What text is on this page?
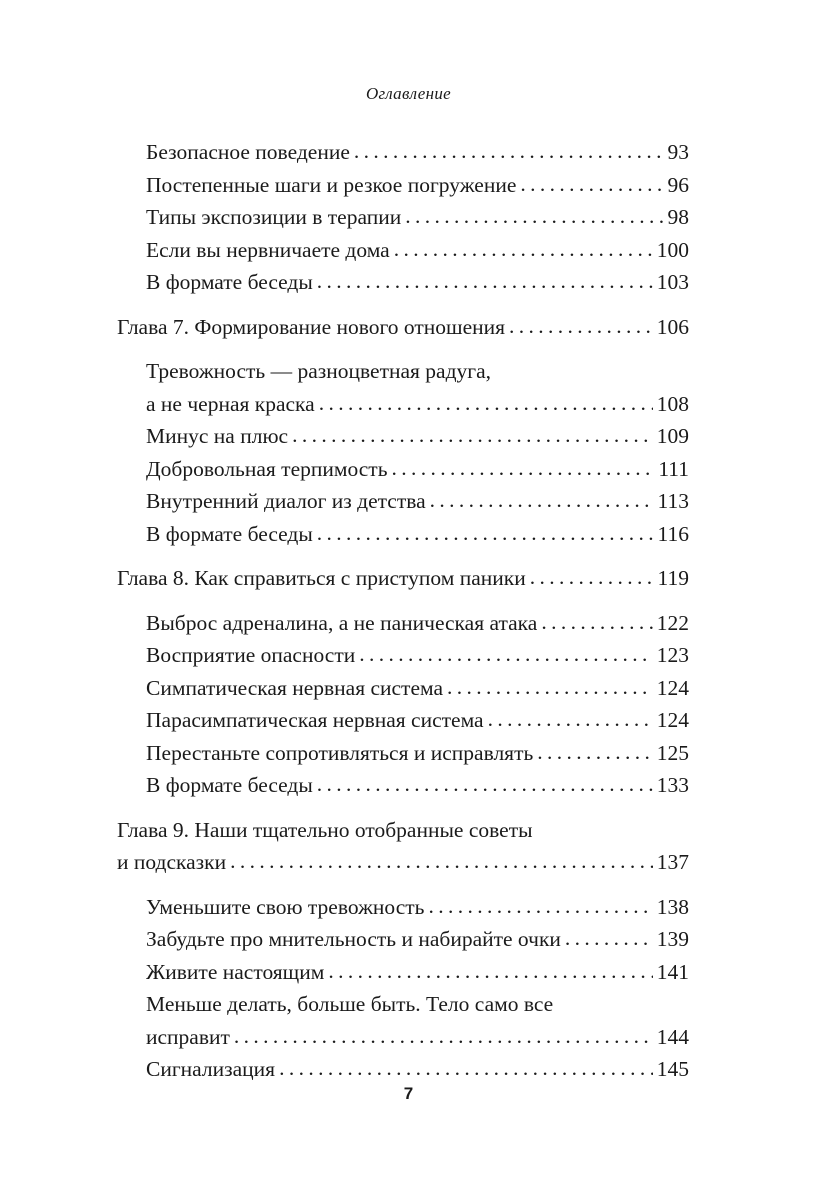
Оглавление
Безопасное поведение . . .	93
Постепенные шаги и резкое погружение . . .	96
Типы экспозиции в терапии . . .	98
Если вы нервничаете дома . . .	100
В формате беседы . . .	103
Глава 7. Формирование нового отношения . . .	106
Тревожность — разноцветная радуга,
а не черная краска . . .	108
Минус на плюс . . .	109
Добровольная терпимость . . .	111
Внутренний диалог из детства . . .	113
В формате беседы . . .	116
Глава 8. Как справиться с приступом паники . . .	119
Выброс адреналина, а не паническая атака . . .	122
Восприятие опасности . . .	123
Симпатическая нервная система . . .	124
Парасимпатическая нервная система . . .	124
Перестаньте сопротивляться и исправлять . . .	125
В формате беседы . . .	133
Глава 9. Наши тщательно отобранные советы
и подсказки . . .	137
Уменьшите свою тревожность . . .	138
Забудьте про мнительность и набирайте очки . . .	139
Живите настоящим . . .	141
Меньше делать, больше быть. Тело само все
исправит . . .	144
Сигнализация . . .	145
7
